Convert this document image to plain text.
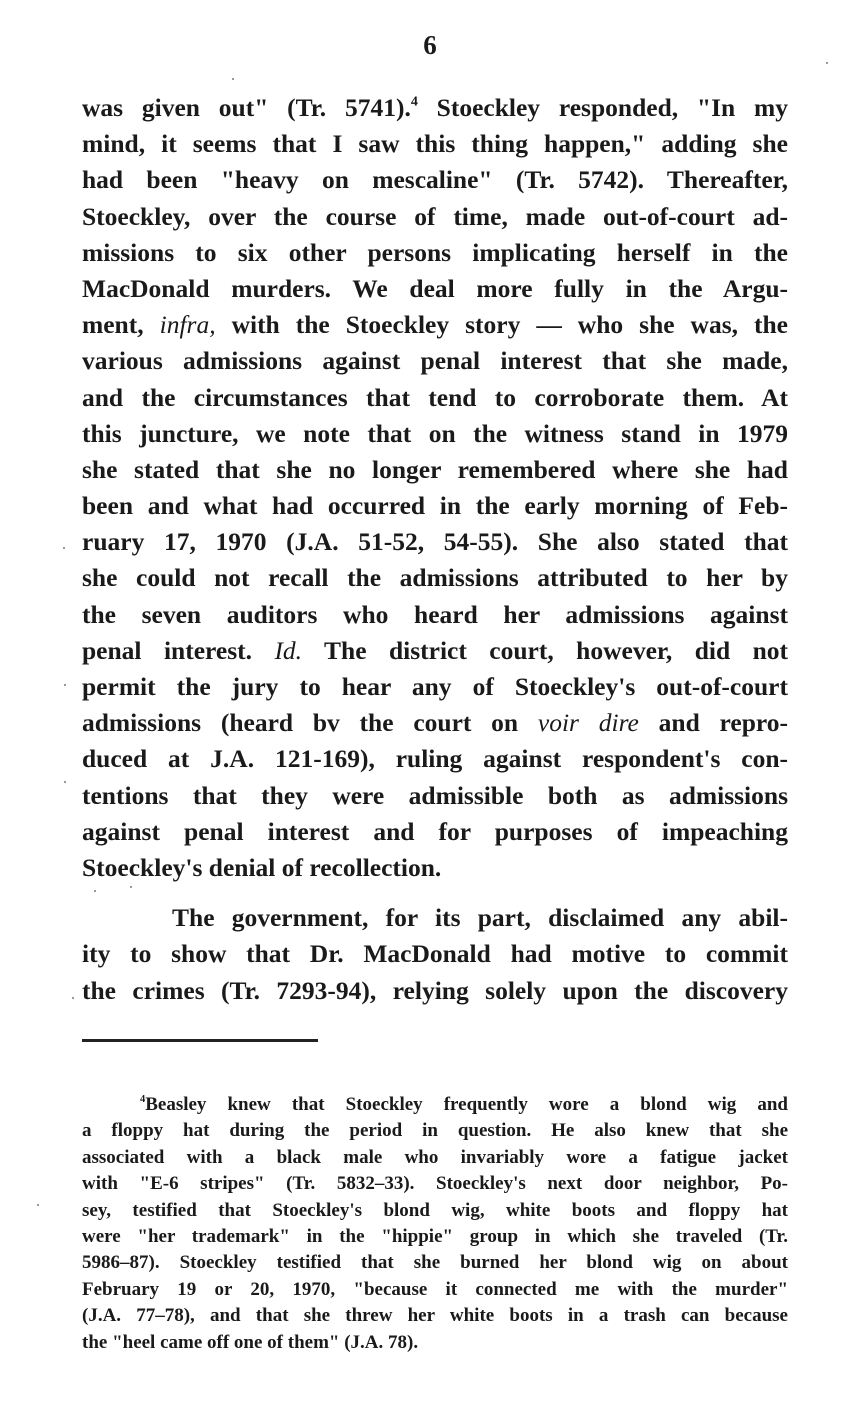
6
was given out" (Tr. 5741).$^4$ Stoeckley responded, "In my
mind, it seems that I saw this thing happen," adding she
had been "heavy on mescaline" (Tr. 5742). Thereafter,
Stoeckley, over the course of time, made out-of-court ad-
missions to six other persons implicating herself in the
MacDonald murders. We deal more fully in the Argu-
ment, infra, with the Stoeckley story — who she was, the
various admissions against penal interest that she made,
and the circumstances that tend to corroborate them. At
this juncture, we note that on the witness stand in 1979
she stated that she no longer remembered where she had
been and what had occurred in the early morning of Feb-
ruary 17, 1970 (J.A. 51-52, 54-55). She also stated that
she could not recall the admissions attributed to her by
the seven auditors who heard her admissions against
penal interest. Id. The district court, however, did not
permit the jury to hear any of Stoeckley's out-of-court
admissions (heard bv the court on voir dire and repro-
duced at J.A. 121-169), ruling against respondent's con-
tentions that they were admissible both as admissions
against penal interest and for purposes of impeaching
Stoeckley's denial of recollection.
The government, for its part, disclaimed any abil-
ity to show that Dr. MacDonald had motive to commit
the crimes (Tr. 7293-94), relying solely upon the discovery
$^4$Beasley knew that Stoeckley frequently wore a blond wig and
a floppy hat during the period in question. He also knew that she
associated with a black male who invariably wore a fatigue jacket
with "E-6 stripes" (Tr. 5832–33). Stoeckley's next door neighbor, Po-
sey, testified that Stoeckley's blond wig, white boots and floppy hat
were "her trademark" in the "hippie" group in which she traveled (Tr.
5986–87). Stoeckley testified that she burned her blond wig on about
February 19 or 20, 1970, "because it connected me with the murder"
(J.A. 77–78), and that she threw her white boots in a trash can because
the "heel came off one of them" (J.A. 78).
